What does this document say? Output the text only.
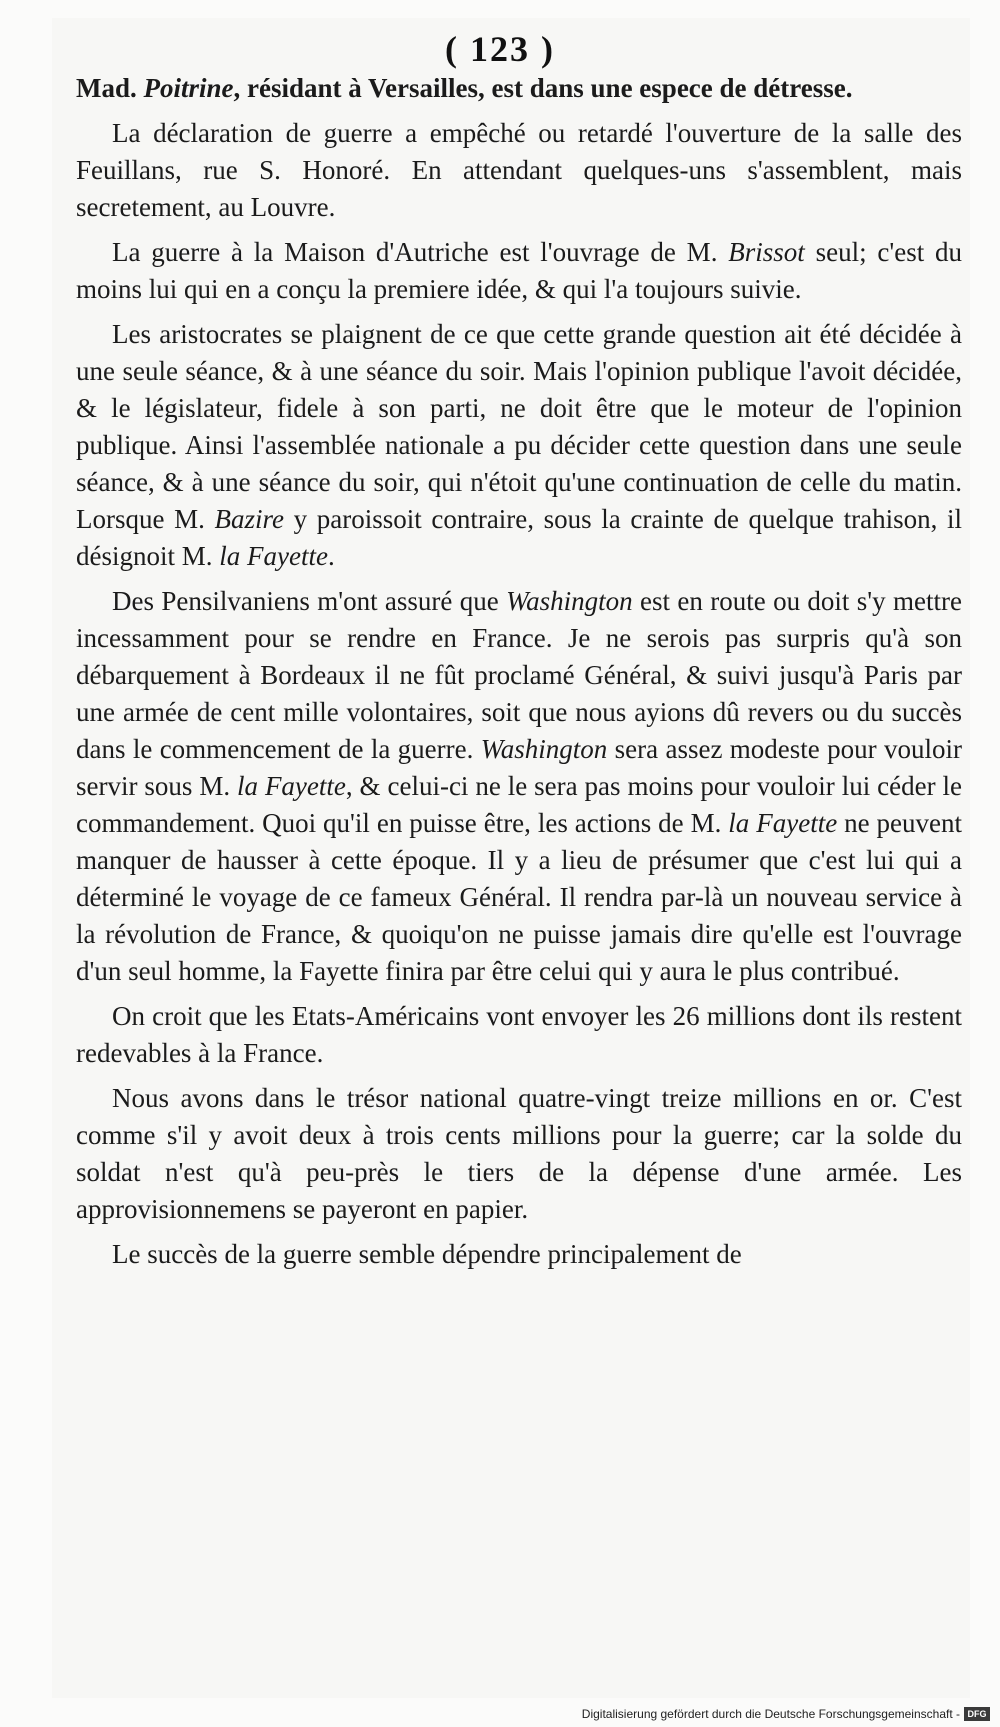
( 123 )

Mad. Poitrine, résidant à Versailles, est dans une espece de détresse.

La déclaration de guerre a empêché ou retardé l'ouverture de la salle des Feuillans, rue S. Honoré. En attendant quelques-uns s'assemblent, mais secretement, au Louvre.

La guerre à la Maison d'Autriche est l'ouvrage de M. Brissot seul; c'est du moins lui qui en a conçu la premiere idée, & qui l'a toujours suivie.

Les aristocrates se plaignent de ce que cette grande question ait été décidée à une seule séance, & à une séance du soir. Mais l'opinion publique l'avoit décidée, & le législateur, fidele à son parti, ne doit être que le moteur de l'opinion publique. Ainsi l'assemblée nationale a pu décider cette question dans une seule séance, & à une séance du soir, qui n'étoit qu'une continuation de celle du matin. Lorsque M. Bazire y paroissoit contraire, sous la crainte de quelque trahison, il désignoit M. la Fayette.

Des Pensilvaniens m'ont assuré que Washington est en route ou doit s'y mettre incessamment pour se rendre en France. Je ne serois pas surpris qu'à son débarquement à Bordeaux il ne fût proclamé Général, & suivi jusqu'à Paris par une armée de cent mille volontaires, soit que nous ayions dû revers ou du succès dans le commencement de la guerre. Washington sera assez modeste pour vouloir servir sous M. la Fayette, & celui-ci ne le sera pas moins pour vouloir lui céder le commandement. Quoi qu'il en puisse être, les actions de M. la Fayette ne peuvent manquer de hausser à cette époque. Il y a lieu de présumer que c'est lui qui a déterminé le voyage de ce fameux Général. Il rendra par-là un nouveau service à la révolution de France, & quoiqu'on ne puisse jamais dire qu'elle est l'ouvrage d'un seul homme, la Fayette finira par être celui qui y aura le plus contribué.

On croit que les Etats-Américains vont envoyer les 26 millions dont ils restent redevables à la France.

Nous avons dans le trésor national quatre-vingt treize millions en or. C'est comme s'il y avoit deux à trois cents millions pour la guerre; car la solde du soldat n'est qu'à peu-près le tiers de la dépense d'une armée. Les approvisionnemens se payeront en papier.

Le succès de la guerre semble dépendre principalement de

Digitalisierung gefördert durch die Deutsche Forschungsgemeinschaft - DFG
